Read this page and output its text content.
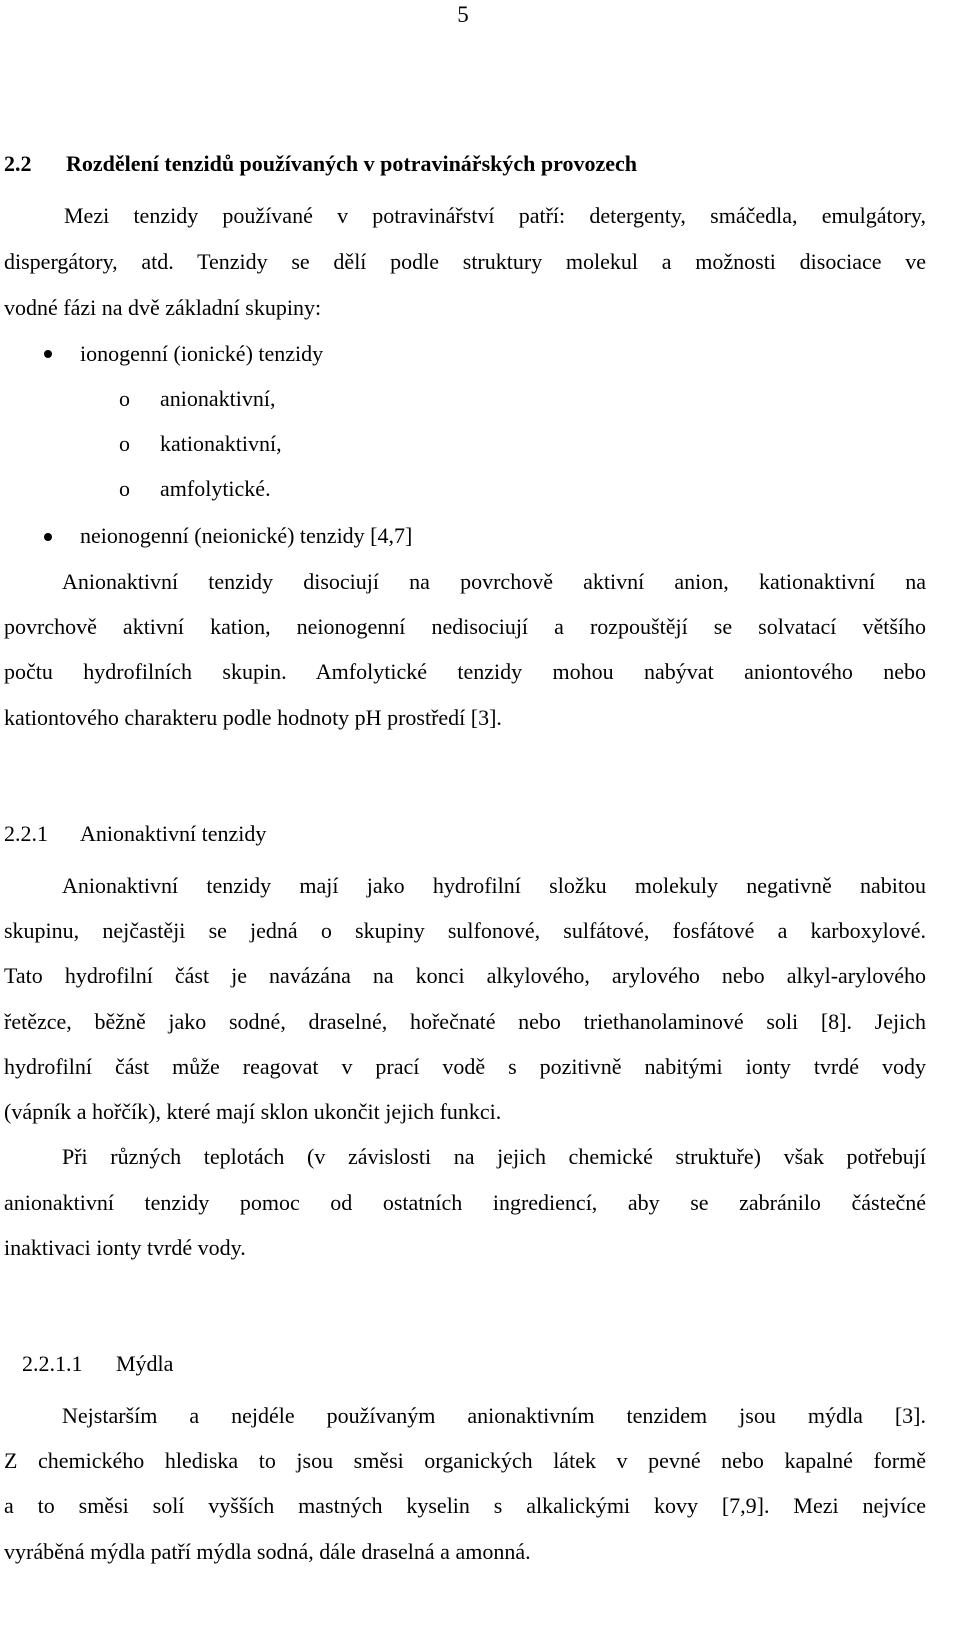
5
2.2 Rozdělení tenzidů používaných v potravinářských provozech
Mezi tenzidy používané v potravinářství patří: detergenty, smáčedla, emulgátory,
dispergátory, atd. Tenzidy se dělí podle struktury molekul a možnosti disociace ve
vodné fázi na dvě základní skupiny:
ionogenní (ionické) tenzidy
o anionaktivní,
o kationaktivní,
o amfolytické.
neionogenní (neionické) tenzidy [4,7]
Anionaktivní tenzidy disociují na povrchově aktivní anion, kationaktivní na
povrchově aktivní kation, neionogenní nedisociují a rozpouštějí se solvatací většího
počtu hydrofilních skupin. Amfolytické tenzidy mohou nabývat aniontového nebo
kationtového charakteru podle hodnoty pH prostředí [3].
2.2.1 Anionaktivní tenzidy
Anionaktivní tenzidy mají jako hydrofilní složku molekuly negativně nabitou
skupinu, nejčastěji se jedná o skupiny sulfonové, sulfátové, fosfátové a karboxylové.
Tato hydrofilní část je navázána na konci alkylového, arylového nebo alkyl-arylového
řetězce, běžně jako sodné, draselné, hořečnaté nebo triethanolaminové soli [8]. Jejich
hydrofilní část může reagovat v prací vodě s pozitivně nabitými ionty tvrdé vody
(vápník a hořčík), které mají sklon ukončit jejich funkci.
Při různých teplotách (v závislosti na jejich chemické struktuře) však potřebují
anionaktivní tenzidy pomoc od ostatních ingrediencí, aby se zabránilo částečné
inaktivaci ionty tvrdé vody.
2.2.1.1 Mýdla
Nejstarším a nejdéle používaným anionaktivním tenzidem jsou mýdla [3].
Z chemického hlediska to jsou směsi organických látek v pevné nebo kapalné formě
a to směsi solí vyšších mastných kyselin s alkalickými kovy [7,9]. Mezi nejvíce
vyráběná mýdla patří mýdla sodná, dále draselná a amonná.
